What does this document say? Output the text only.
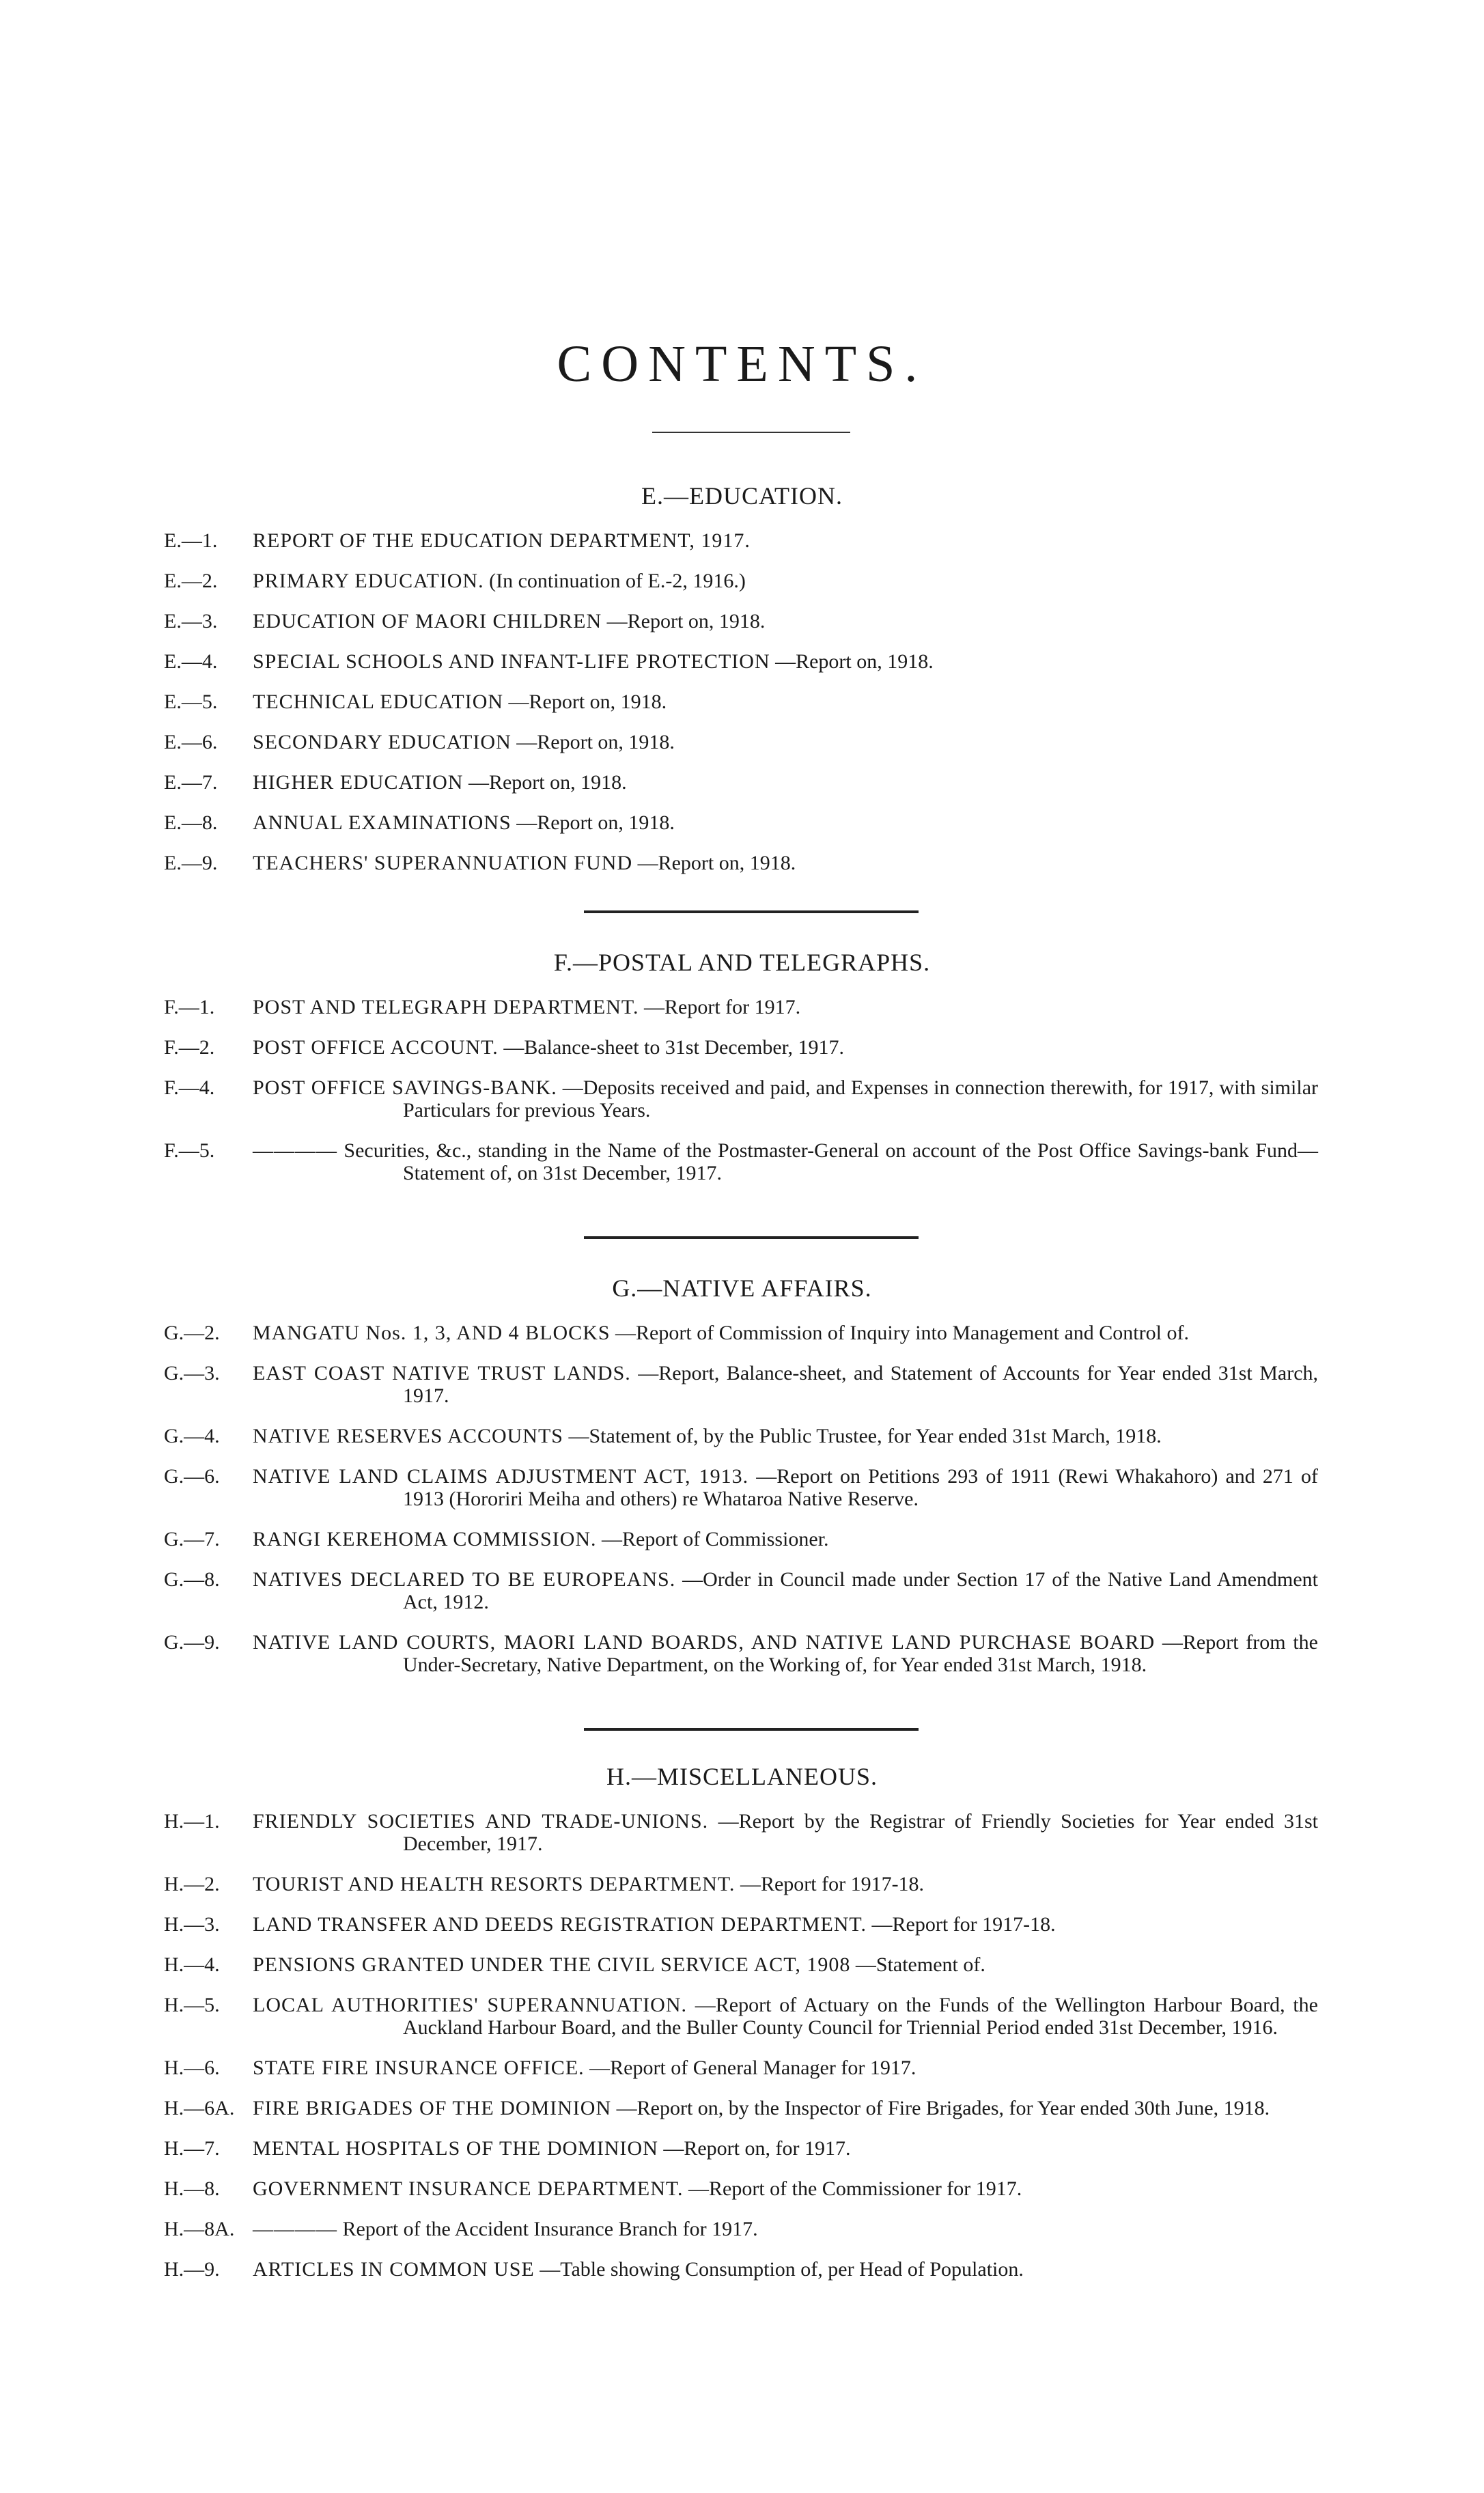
CONTENTS.
E.—EDUCATION.
E.—1.	REPORT OF THE EDUCATION DEPARTMENT, 1917.
E.—2.	PRIMARY EDUCATION. (In continuation of E.-2, 1916.)
E.—3.	EDUCATION OF MAORI CHILDREN —Report on, 1918.
E.—4.	SPECIAL SCHOOLS AND INFANT-LIFE PROTECTION —Report on, 1918.
E.—5.	TECHNICAL EDUCATION —Report on, 1918.
E.—6.	SECONDARY EDUCATION —Report on, 1918.
E.—7.	HIGHER EDUCATION —Report on, 1918.
E.—8.	ANNUAL EXAMINATIONS —Report on, 1918.
E.—9.	TEACHERS' SUPERANNUATION FUND —Report on, 1918.
F.—POSTAL AND TELEGRAPHS.
F.—1.	POST AND TELEGRAPH DEPARTMENT. —Report for 1917.
F.—2.	POST OFFICE ACCOUNT. —Balance-sheet to 31st December, 1917.
F.—4.	POST OFFICE SAVINGS-BANK. —Deposits received and paid, and Expenses in connection therewith, for 1917, with similar Particulars for previous Years.
F.—5.	———— Securities, &c., standing in the Name of the Postmaster-General on account of the Post Office Savings-bank Fund—Statement of, on 31st December, 1917.
G.—NATIVE AFFAIRS.
G.—2.	MANGATU Nos. 1, 3, AND 4 BLOCKS —Report of Commission of Inquiry into Management and Control of.
G.—3.	EAST COAST NATIVE TRUST LANDS. —Report, Balance-sheet, and Statement of Accounts for Year ended 31st March, 1917.
G.—4.	NATIVE RESERVES ACCOUNTS —Statement of, by the Public Trustee, for Year ended 31st March, 1918.
G.—6.	NATIVE LAND CLAIMS ADJUSTMENT ACT, 1913. —Report on Petitions 293 of 1911 (Rewi Whakahoro) and 271 of 1913 (Hororiri Meiha and others) re Whataroa Native Reserve.
G.—7.	RANGI KEREHOMA COMMISSION. —Report of Commissioner.
G.—8.	NATIVES DECLARED TO BE EUROPEANS. —Order in Council made under Section 17 of the Native Land Amendment Act, 1912.
G.—9.	NATIVE LAND COURTS, MAORI LAND BOARDS, AND NATIVE LAND PURCHASE BOARD —Report from the Under-Secretary, Native Department, on the Working of, for Year ended 31st March, 1918.
H.—MISCELLANEOUS.
H.—1.	FRIENDLY SOCIETIES AND TRADE-UNIONS. —Report by the Registrar of Friendly Societies for Year ended 31st December, 1917.
H.—2.	TOURIST AND HEALTH RESORTS DEPARTMENT. —Report for 1917-18.
H.—3.	LAND TRANSFER AND DEEDS REGISTRATION DEPARTMENT. —Report for 1917-18.
H.—4.	PENSIONS GRANTED UNDER THE CIVIL SERVICE ACT, 1908 —Statement of.
H.—5.	LOCAL AUTHORITIES' SUPERANNUATION. —Report of Actuary on the Funds of the Wellington Harbour Board, the Auckland Harbour Board, and the Buller County Council for Triennial Period ended 31st December, 1916.
H.—6.	STATE FIRE INSURANCE OFFICE. —Report of General Manager for 1917.
H.—6A. FIRE BRIGADES OF THE DOMINION —Report on, by the Inspector of Fire Brigades, for Year ended 30th June, 1918.
H.—7.	MENTAL HOSPITALS OF THE DOMINION —Report on, for 1917.
H.—8.	GOVERNMENT INSURANCE DEPARTMENT. —Report of the Commissioner for 1917.
H.—8A. ———— Report of the Accident Insurance Branch for 1917.
H.—9.	ARTICLES IN COMMON USE —Table showing Consumption of, per Head of Population.
